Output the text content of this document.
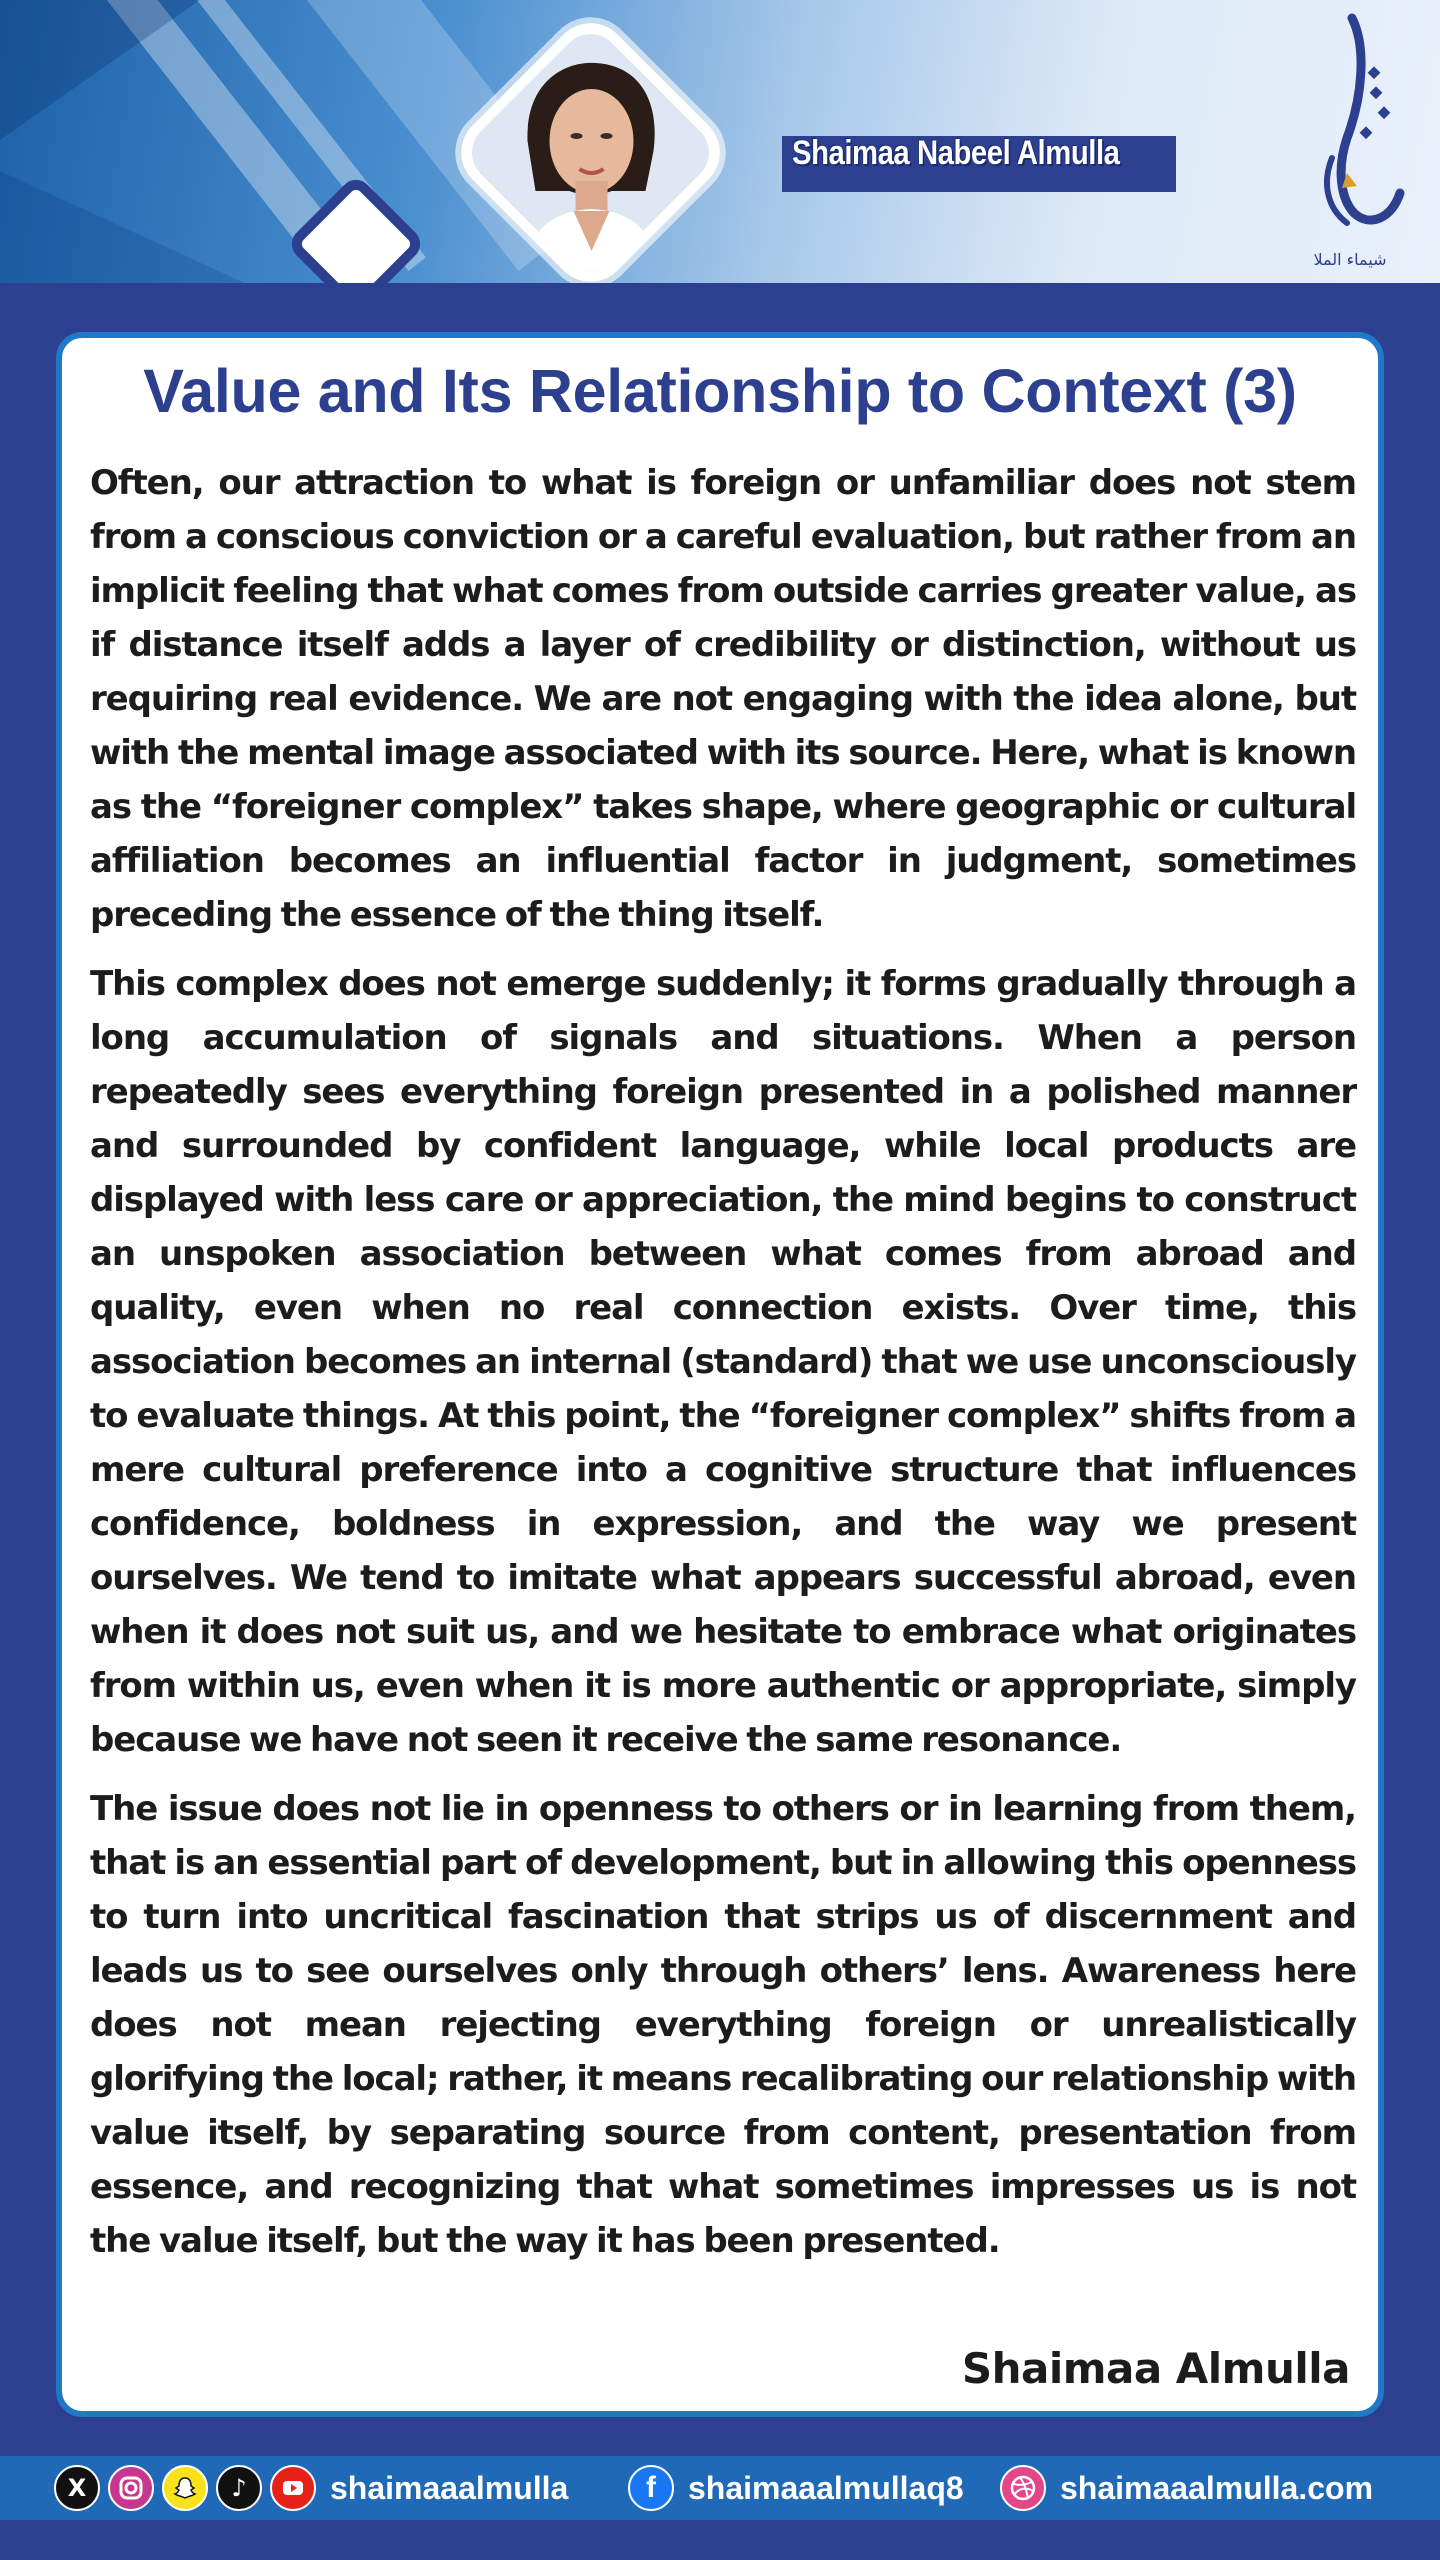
Shaimaa Nabeel Almulla
شيماء الملا
Value and Its Relationship to Context (3)

Often, our attraction to what is foreign or unfamiliar does not stem from a conscious conviction or a careful evaluation, but rather from an implicit feeling that what comes from outside carries greater value, as if distance itself adds a layer of credibility or distinction, without us requiring real evidence. We are not engaging with the idea alone, but with the mental image associated with its source. Here, what is known as the “foreigner complex” takes shape, where geographic or cultural affiliation becomes an influential factor in judgment, sometimes preceding the essence of the thing itself.

This complex does not emerge suddenly; it forms gradually through a long accumulation of signals and situations. When a person repeatedly sees everything foreign presented in a polished manner and surrounded by confident language, while local products are displayed with less care or appreciation, the mind begins to construct an unspoken association between what comes from abroad and quality, even when no real connection exists. Over time, this association becomes an internal (standard) that we use unconsciously to evaluate things. At this point, the “foreigner complex” shifts from a mere cultural preference into a cognitive structure that influences confidence, boldness in expression, and the way we present ourselves. We tend to imitate what appears successful abroad, even when it does not suit us, and we hesitate to embrace what originates from within us, even when it is more authentic or appropriate, simply because we have not seen it receive the same resonance.

The issue does not lie in openness to others or in learning from them, that is an essential part of development, but in allowing this openness to turn into uncritical fascination that strips us of discernment and leads us to see ourselves only through others’ lens. Awareness here does not mean rejecting everything foreign or unrealistically glorifying the local; rather, it means recalibrating our relationship with value itself, by separating source from content, presentation from essence, and recognizing that what sometimes impresses us is not the value itself, but the way it has been presented.

Shaimaa Almulla
X	♪	shaimaaalmulla	f	shaimaaalmullaq8	shaimaaalmulla.com
